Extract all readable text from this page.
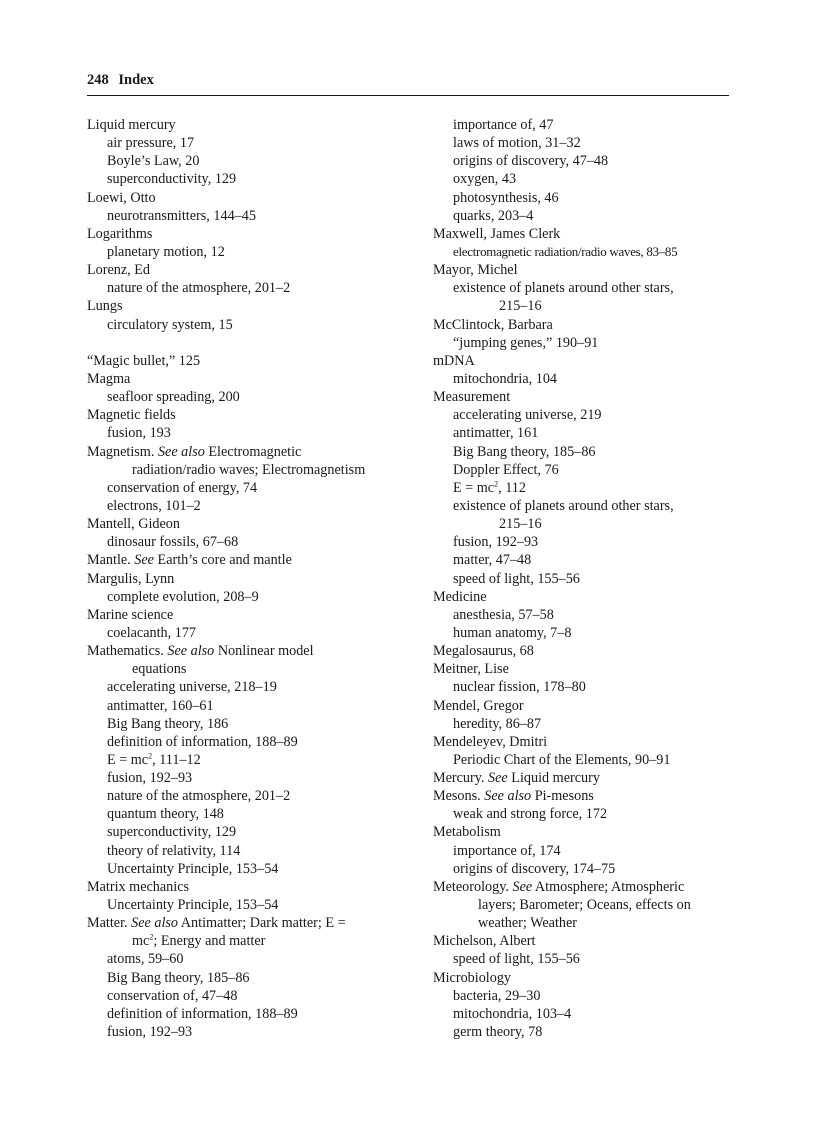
248 Index
Liquid mercury
air pressure, 17
Boyle’s Law, 20
superconductivity, 129
Loewi, Otto
neurotransmitters, 144–45
Logarithms
planetary motion, 12
Lorenz, Ed
nature of the atmosphere, 201–2
Lungs
circulatory system, 15
“Magic bullet,” 125
Magma
seafloor spreading, 200
Magnetic fields
fusion, 193
Magnetism. See also Electromagnetic
radiation/radio waves; Electromagnetism
conservation of energy, 74
electrons, 101–2
Mantell, Gideon
dinosaur fossils, 67–68
Mantle. See Earth’s core and mantle
Margulis, Lynn
complete evolution, 208–9
Marine science
coelacanth, 177
Mathematics. See also Nonlinear model
equations
accelerating universe, 218–19
antimatter, 160–61
Big Bang theory, 186
definition of information, 188–89
$E = mc^2$, 111–12
fusion, 192–93
nature of the atmosphere, 201–2
quantum theory, 148
superconductivity, 129
theory of relativity, 114
Uncertainty Principle, 153–54
Matrix mechanics
Uncertainty Principle, 153–54
Matter. See also Antimatter; Dark matter; E =
$mc^2$; Energy and matter
atoms, 59–60
Big Bang theory, 185–86
conservation of, 47–48
definition of information, 188–89
fusion, 192–93
importance of, 47
laws of motion, 31–32
origins of discovery, 47–48
oxygen, 43
photosynthesis, 46
quarks, 203–4
Maxwell, James Clerk
electromagnetic radiation/radio waves, 83–85
Mayor, Michel
existence of planets around other stars,
215–16
McClintock, Barbara
“jumping genes,” 190–91
mDNA
mitochondria, 104
Measurement
accelerating universe, 219
antimatter, 161
Big Bang theory, 185–86
Doppler Effect, 76
$E = mc^2$, 112
existence of planets around other stars,
215–16
fusion, 192–93
matter, 47–48
speed of light, 155–56
Medicine
anesthesia, 57–58
human anatomy, 7–8
Megalosaurus, 68
Meitner, Lise
nuclear fission, 178–80
Mendel, Gregor
heredity, 86–87
Mendeleyev, Dmitri
Periodic Chart of the Elements, 90–91
Mercury. See Liquid mercury
Mesons. See also Pi-mesons
weak and strong force, 172
Metabolism
importance of, 174
origins of discovery, 174–75
Meteorology. See Atmosphere; Atmospheric
layers; Barometer; Oceans, effects on
weather; Weather
Michelson, Albert
speed of light, 155–56
Microbiology
bacteria, 29–30
mitochondria, 103–4
germ theory, 78
